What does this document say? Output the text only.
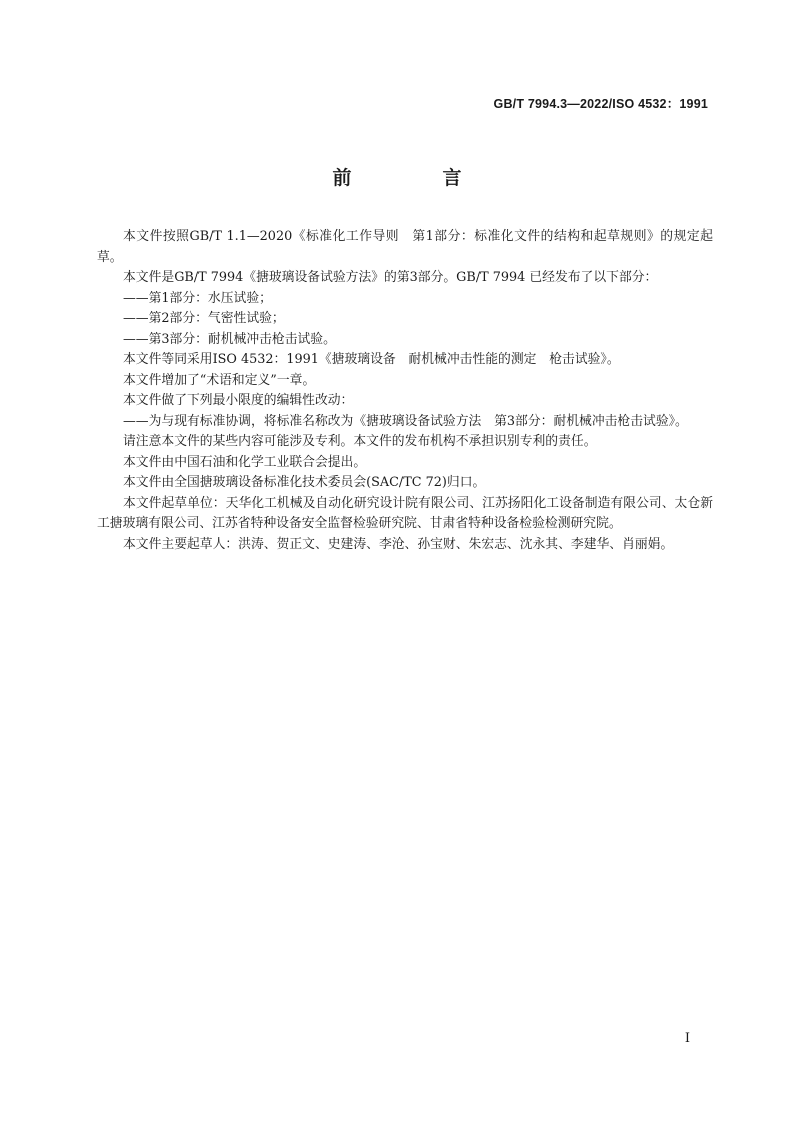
GB/T 7994.3—2022/ISO 4532：1991
前　言

本文件按照GB/T 1.1—2020《标准化工作导则　第1部分：标准化文件的结构和起草规则》的规定起草。

本文件是GB/T 7994《搪玻璃设备试验方法》的第3部分。GB/T 7994 已经发布了以下部分：

——第1部分：水压试验；

——第2部分：气密性试验；

——第3部分：耐机械冲击枪击试验。

本文件等同采用ISO 4532：1991《搪玻璃设备　耐机械冲击性能的测定　枪击试验》。

本文件增加了“术语和定义”一章。

本文件做了下列最小限度的编辑性改动：

——为与现有标准协调，将标准名称改为《搪玻璃设备试验方法　第3部分：耐机械冲击枪击试验》。

请注意本文件的某些内容可能涉及专利。本文件的发布机构不承担识别专利的责任。

本文件由中国石油和化学工业联合会提出。

本文件由全国搪玻璃设备标准化技术委员会(SAC/TC 72)归口。

本文件起草单位：天华化工机械及自动化研究设计院有限公司、江苏扬阳化工设备制造有限公司、太仓新工搪玻璃有限公司、江苏省特种设备安全监督检验研究院、甘肃省特种设备检验检测研究院。

本文件主要起草人：洪涛、贺正文、史建涛、李沧、孙宝财、朱宏志、沈永其、李建华、肖丽娟。

I
